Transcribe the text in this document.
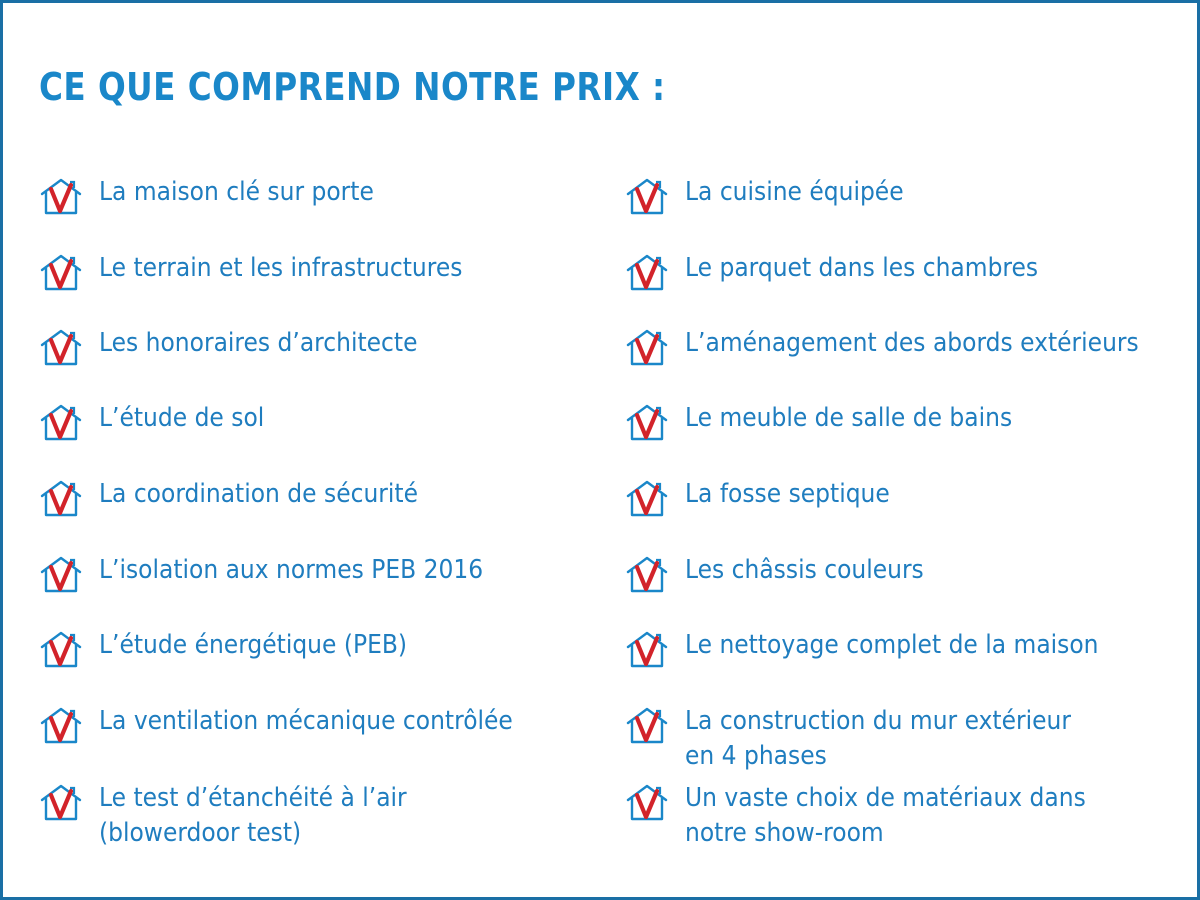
CE QUE COMPREND NOTRE PRIX :
La maison clé sur porte
Le terrain et les infrastructures
Les honoraires d’architecte
L’étude de sol
La coordination de sécurité
L’isolation aux normes PEB 2016
L’étude énergétique (PEB)
La ventilation mécanique contrôlée
Le test d’étanchéité à l’air
(blowerdoor test)
La cuisine équipée
Le parquet dans les chambres
L’aménagement des abords extérieurs
Le meuble de salle de bains
La fosse septique
Les châssis couleurs
Le nettoyage complet de la maison
La construction du mur extérieur
en 4 phases
Un vaste choix de matériaux dans
notre show-room
